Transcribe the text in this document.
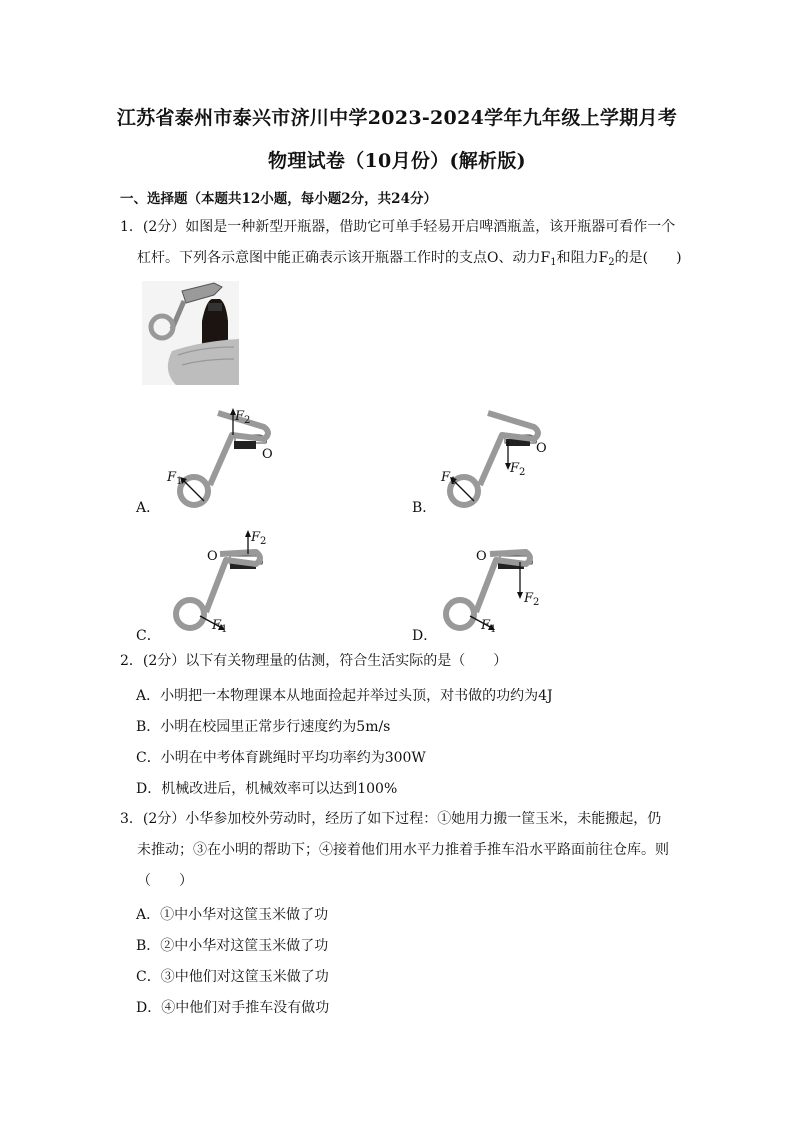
江苏省泰州市泰兴市济川中学2023-2024学年九年级上学期月考
物理试卷（10月份）(解析版)
一、选择题（本题共12小题，每小题2分，共24分）
1．(2分）如图是一种新型开瓶器，借助它可单手轻易开启啤酒瓶盖，该开瓶器可看作一个
杠杆。下列各示意图中能正确表示该开瓶器工作时的支点O、动力$F_1$和阻力$F_2$的是(　　)
$F_2$
O
$F_1$
A．
O
$F_2$
$F_1$
B．
$F_2$
O
$F_1$
C．
O
$F_2$
$F_1$
D．
2．(2分）以下有关物理量的估测，符合生活实际的是（　　）
A．小明把一本物理课本从地面捡起并举过头顶，对书做的功约为4J
B．小明在校园里正常步行速度约为5m/s
C．小明在中考体育跳绳时平均功率约为300W
D．机械改进后，机械效率可以达到100%
3．(2分）小华参加校外劳动时，经历了如下过程：①她用力搬一筐玉米，未能搬起，仍
未推动；③在小明的帮助下；④接着他们用水平力推着手推车沿水平路面前往仓库。则
（　　）
A．①中小华对这筐玉米做了功
B．②中小华对这筐玉米做了功
C．③中他们对这筐玉米做了功
D．④中他们对手推车没有做功
